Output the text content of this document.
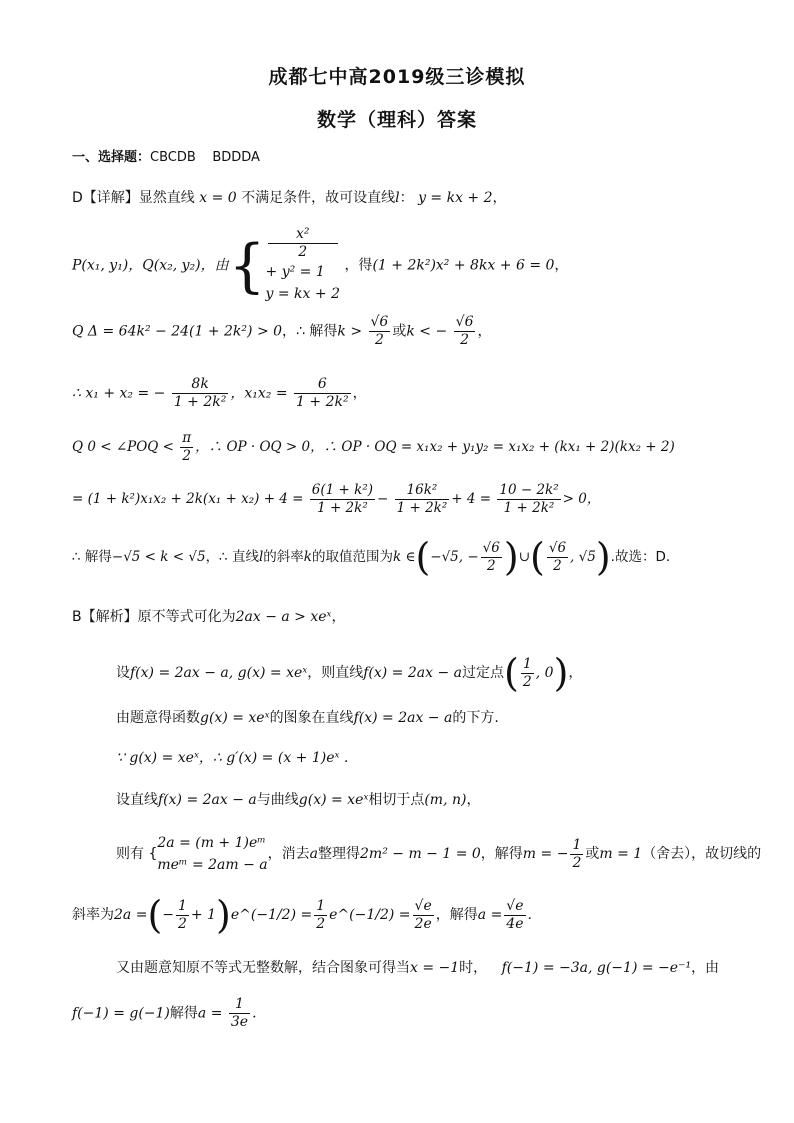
成都七中高2019级三诊模拟
数学（理科）答案
一、选择题：CBCDB    BDDDA
D【详解】显然直线 x = 0 不满足条件，故可设直线l： y = kx + 2，
P(x₁, y₁)，Q(x₂, y₂)，由{	x²
2
+ y² = 1
y = kx + 2
，得(1 + 2k²)x² + 8kx + 6 = 0，
Q Δ = 64k² − 24(1 + 2k²) > 0，∴ 解得$k > \frac{√6}{2}$ 或k < − $\frac{√6}{2}$ ，
∴ x₁ + x₂ = − $\frac{8k}{\text{1 + 2k²}}$ ，$x_1x_2 = \frac{6}{\text{1 + 2k²}}$ ，
Q 0 < ∠POQ < $\frac{\pi}{2}$ ，∴ OP · OQ > 0，∴ OP · OQ = x₁x₂ + y₁y₂ = x₁x₂ + (kx₁ + 2)(kx₂ + 2)
= $(1 + k^2)x_1x_2 + 2k(x_1 + x_2) + 4 = \frac{\text{6(1 + k²)}}{\text{1 + 2k²}} - \frac{\text{16k²}}{\text{1 + 2k²}} + 4 = \frac{\text{10 − 2k²}}{\text{1 + 2k²}} > 0$，
∴ 解得−√5 < k < √5，∴ 直线l的斜率k的取值范围为k ∈(−√5, − $\frac{√6}{2}$ )∪( $\frac{√6}{2}$ , √5).故选：D.
B【解析】原不等式可化为2ax − a > xeˣ，
设f(x) = 2ax − a, g(x) = xeˣ，则直线f(x) = 2ax − a过定点( $\frac{1}{2}$ , 0)，
由题意得函数g(x) = xeˣ的图象在直线f(x) = 2ax − a的下方.
∵ g(x) = xeˣ，∴ g′(x) = (x + 1)eˣ .
设直线f(x) = 2ax − a与曲线g(x) = xeˣ相切于点(m, n)，
则有 {
2a = (m + 1)eᵐ
meᵐ = 2am − a
，消去a整理得2m² − m − 1 = 0，解得m = − $\frac{1}{2}$ 或m = 1（舍去），故切线的
斜率为2a =(− $\frac{1}{2}$ + 1)e^(−1/2) = $\frac{1}{2}$ e^(−1/2) = $\frac{√e}{2e}$ ，解得$a = \frac{√e}{4e}$ .
又由题意知原不等式无整数解，结合图象可得当x = −1时， f(−1) = −3a, g(−1) = −e⁻¹，由
f(−1) = g(−1)解得$a = \frac{1}{3e}$ .
